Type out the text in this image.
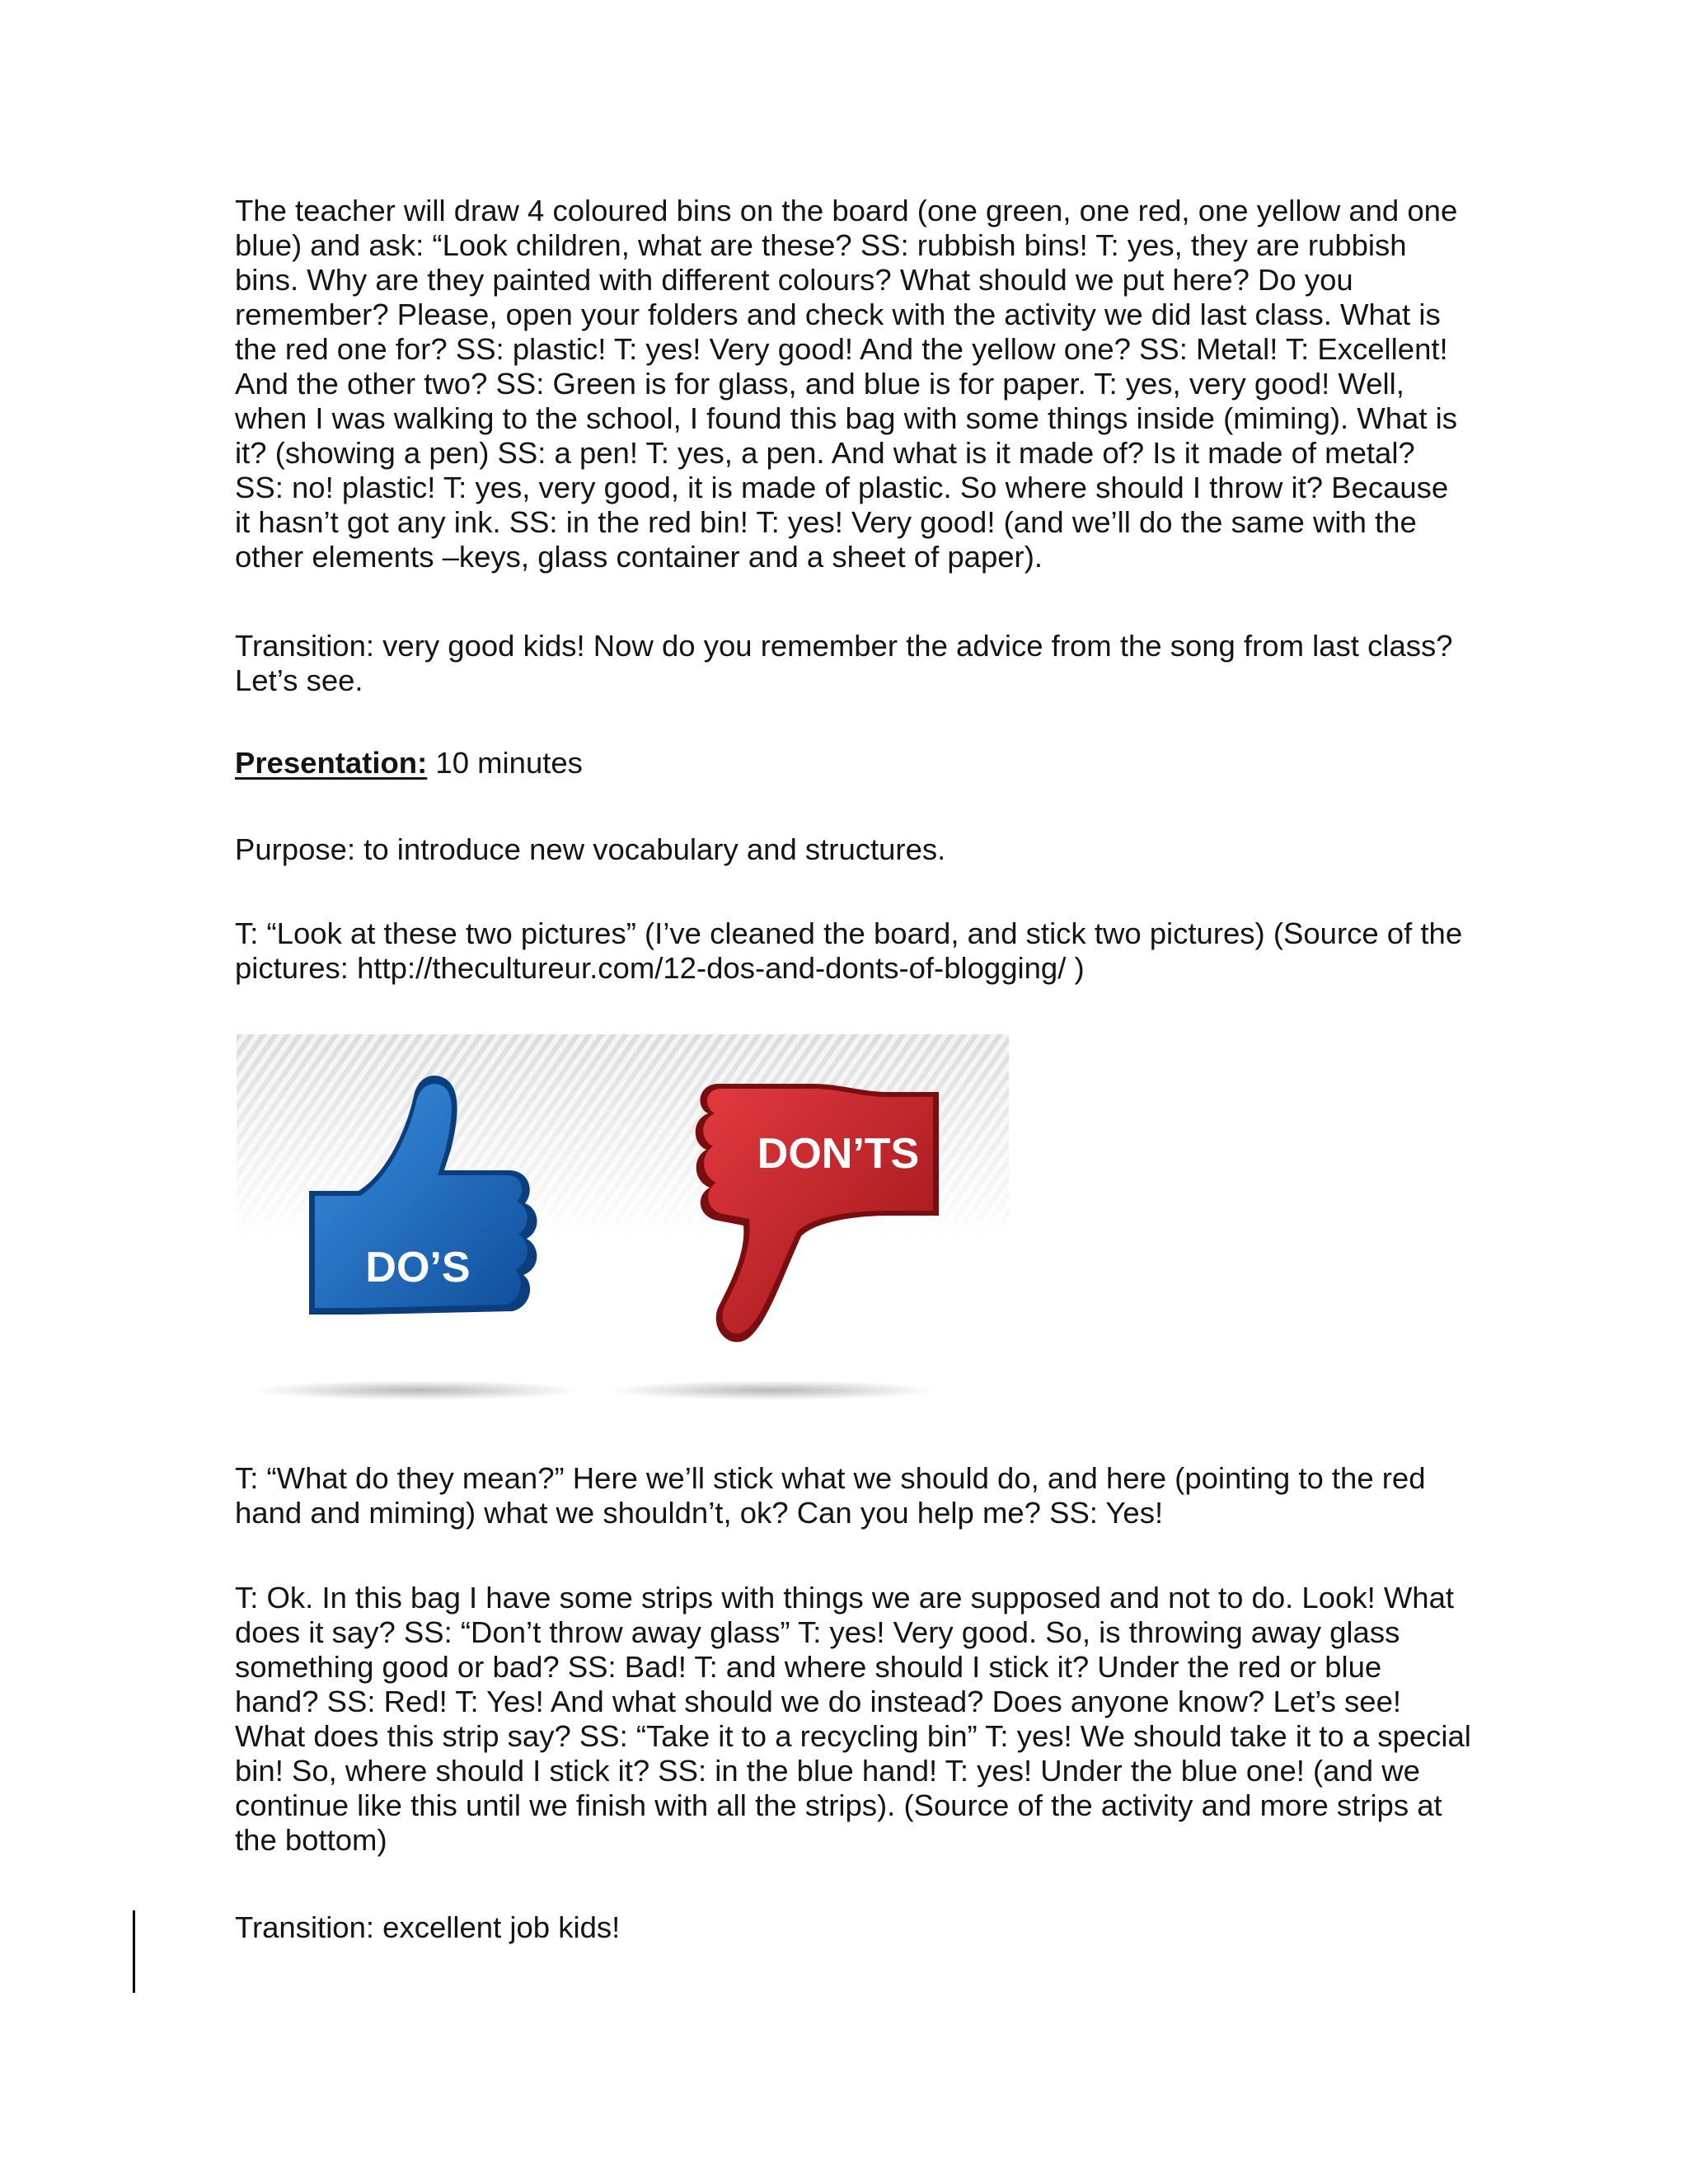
The teacher will draw 4 coloured bins on the board (one green, one red, one yellow and one blue) and ask: “Look children, what are these? SS: rubbish bins! T: yes, they are rubbish bins. Why are they painted with different colours? What should we put here? Do you remember? Please, open your folders and check with the activity we did last class. What is the red one for? SS: plastic! T: yes! Very good! And the yellow one? SS: Metal! T: Excellent! And the other two? SS: Green is for glass, and blue is for paper. T: yes, very good! Well, when I was walking to the school, I found this bag with some things inside (miming). What is it? (showing a pen) SS: a pen! T: yes, a pen. And what is it made of? Is it made of metal? SS: no! plastic! T: yes, very good, it is made of plastic. So where should I throw it? Because it hasn’t got any ink. SS: in the red bin! T: yes! Very good! (and we’ll do the same with the other elements –keys, glass container and a sheet of paper).

Transition: very good kids! Now do you remember the advice from the song from last class? Let’s see.

Presentation: 10 minutes

Purpose: to introduce new vocabulary and structures.

T: “Look at these two pictures” (I’ve cleaned the board, and stick two pictures) (Source of the pictures: http://thecultureur.com/12-dos-and-donts-of-blogging/ )

DO’S
DON’TS

T: “What do they mean?” Here we’ll stick what we should do, and here (pointing to the red hand and miming) what we shouldn’t, ok? Can you help me? SS: Yes!

T: Ok. In this bag I have some strips with things we are supposed and not to do. Look! What does it say? SS: “Don’t throw away glass” T: yes! Very good. So, is throwing away glass something good or bad? SS: Bad! T: and where should I stick it? Under the red or blue hand? SS: Red! T: Yes! And what should we do instead? Does anyone know? Let’s see! What does this strip say? SS: “Take it to a recycling bin” T: yes! We should take it to a special bin! So, where should I stick it? SS: in the blue hand! T: yes! Under the blue one! (and we continue like this until we finish with all the strips). (Source of the activity and more strips at the bottom)

Transition: excellent job kids!
